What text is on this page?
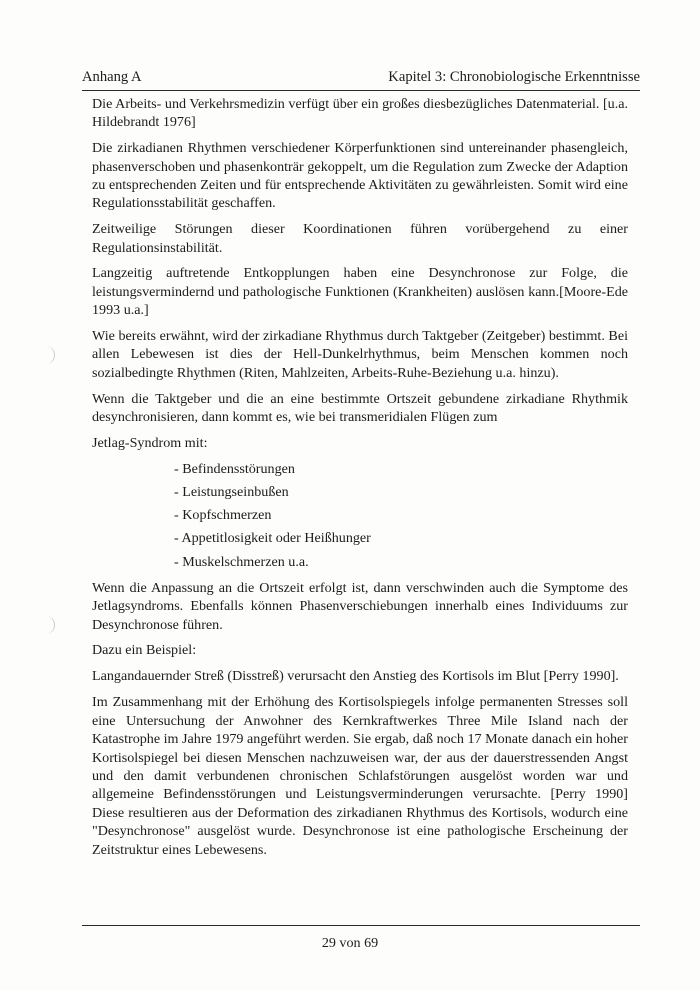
Anhang A	Kapitel 3: Chronobiologische Erkenntnisse

Die Arbeits- und Verkehrsmedizin verfügt über ein großes diesbezügliches Datenmaterial. [u.a. Hildebrandt 1976]

Die zirkadianen Rhythmen verschiedener Körperfunktionen sind untereinander phasengleich, phasenverschoben und phasenkonträr gekoppelt, um die Regulation zum Zwecke der Adaption zu entsprechenden Zeiten und für entsprechende Aktivitäten zu gewährleisten. Somit wird eine Regulationsstabilität geschaffen.

Zeitweilige Störungen dieser Koordinationen führen vorübergehend zu einer Regulationsinstabilität.

Langzeitig auftretende Entkopplungen haben eine Desynchronose zur Folge, die leistungsvermindernd und pathologische Funktionen (Krankheiten) auslösen kann.[Moore-Ede 1993 u.a.]

Wie bereits erwähnt, wird der zirkadiane Rhythmus durch Taktgeber (Zeitgeber) bestimmt. Bei allen Lebewesen ist dies der Hell-Dunkelrhythmus, beim Menschen kommen noch sozialbedingte Rhythmen (Riten, Mahlzeiten, Arbeits-Ruhe-Beziehung u.a. hinzu).

Wenn die Taktgeber und die an eine bestimmte Ortszeit gebundene zirkadiane Rhythmik desynchronisieren, dann kommt es, wie bei transmeridialen Flügen zum

Jetlag-Syndrom mit:

- Befindensstörungen
- Leistungseinbußen
- Kopfschmerzen
- Appetitlosigkeit oder Heißhunger
- Muskelschmerzen u.a.

Wenn die Anpassung an die Ortszeit erfolgt ist, dann verschwinden auch die Symptome des Jetlagsyndroms. Ebenfalls können Phasenverschiebungen innerhalb eines Individuums zur Desynchronose führen.

Dazu ein Beispiel:

Langandauernder Streß (Disstreß) verursacht den Anstieg des Kortisols im Blut [Perry 1990].

Im Zusammenhang mit der Erhöhung des Kortisolspiegels infolge permanenten Stresses soll eine Untersuchung der Anwohner des Kernkraftwerkes Three Mile Island nach der Katastrophe im Jahre 1979 angeführt werden. Sie ergab, daß noch 17 Monate danach ein hoher Kortisolspiegel bei diesen Menschen nachzuweisen war, der aus der dauerstressenden Angst und den damit verbundenen chronischen Schlafstörungen ausgelöst worden war und allgemeine Befindensstörungen und Leistungsverminderungen verursachte. [Perry 1990] Diese resultieren aus der Deformation des zirkadianen Rhythmus des Kortisols, wodurch eine "Desynchronose" ausgelöst wurde. Desynchronose ist eine pathologische Erscheinung der Zeitstruktur eines Lebewesens.

29 von 69
